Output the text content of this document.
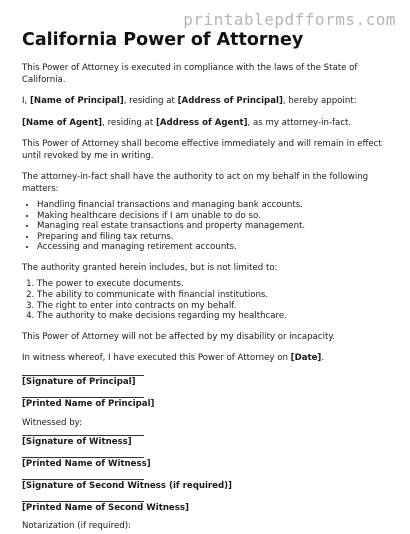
printablepdfforms.com
California Power of Attorney

This Power of Attorney is executed in compliance with the laws of the State of California.

I, [Name of Principal], residing at [Address of Principal], hereby appoint:

[Name of Agent], residing at [Address of Agent], as my attorney-in-fact.

This Power of Attorney shall become effective immediately and will remain in effect until revoked by me in writing.

The attorney-in-fact shall have the authority to act on my behalf in the following matters:

• Handling financial transactions and managing bank accounts.
• Making healthcare decisions if I am unable to do so.
• Managing real estate transactions and property management.
• Preparing and filing tax returns.
• Accessing and managing retirement accounts.

The authority granted herein includes, but is not limited to:

1. The power to execute documents.
2. The ability to communicate with financial institutions.
3. The right to enter into contracts on my behalf.
4. The authority to make decisions regarding my healthcare.

This Power of Attorney will not be affected by my disability or incapacity.

In witness whereof, I have executed this Power of Attorney on [Date].

[Signature of Principal]
[Printed Name of Principal]
Witnessed by:
[Signature of Witness]
[Printed Name of Witness]
[Signature of Second Witness (if required)]
[Printed Name of Second Witness]
Notarization (if required):
